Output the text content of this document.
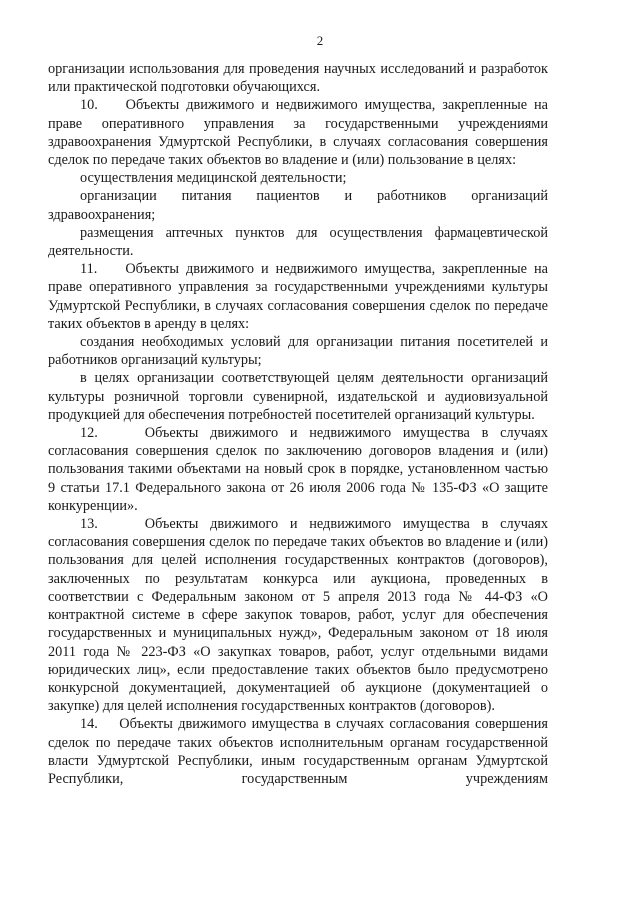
2

организации использования для проведения научных исследований и разработок или практической подготовки обучающихся.

10.    Объекты движимого и недвижимого имущества, закрепленные на праве оперативного управления за государственными учреждениями здравоохранения Удмуртской Республики, в случаях согласования совершения сделок по передаче таких объектов во владение и (или) пользование в целях:

осуществления медицинской деятельности;

организации питания пациентов и работников организаций здравоохранения;

размещения аптечных пунктов для осуществления фармацевтической деятельности.

11.    Объекты движимого и недвижимого имущества, закрепленные на праве оперативного управления за государственными учреждениями культуры Удмуртской Республики, в случаях согласования совершения сделок по передаче таких объектов в аренду в целях:

создания необходимых условий для организации питания посетителей и работников организаций культуры;

в целях организации соответствующей целям деятельности организаций культуры розничной торговли сувенирной, издательской и аудиовизуальной продукцией для обеспечения потребностей посетителей организаций культуры.

12.    Объекты движимого и недвижимого имущества в случаях согласования совершения сделок по заключению договоров владения и (или) пользования такими объектами на новый срок в порядке, установленном частью 9 статьи 17.1 Федерального закона от 26 июля 2006 года № 135-ФЗ «О защите конкуренции».

13.    Объекты движимого и недвижимого имущества в случаях согласования совершения сделок по передаче таких объектов во владение и (или) пользования для целей исполнения государственных контрактов (договоров), заключенных по результатам конкурса или аукциона, проведенных в соответствии с Федеральным законом от 5 апреля 2013 года № 44-ФЗ «О контрактной системе в сфере закупок товаров, работ, услуг для обеспечения государственных и муниципальных нужд», Федеральным законом от 18 июля 2011 года № 223-ФЗ «О закупках товаров, работ, услуг отдельными видами юридических лиц», если предоставление таких объектов было предусмотрено конкурсной документацией, документацией об аукционе (документацией о закупке) для целей исполнения государственных контрактов (договоров).

14.    Объекты движимого имущества в случаях согласования совершения сделок по передаче таких объектов исполнительным органам государственной власти Удмуртской Республики, иным государственным органам Удмуртской Республики, государственным учреждениям
